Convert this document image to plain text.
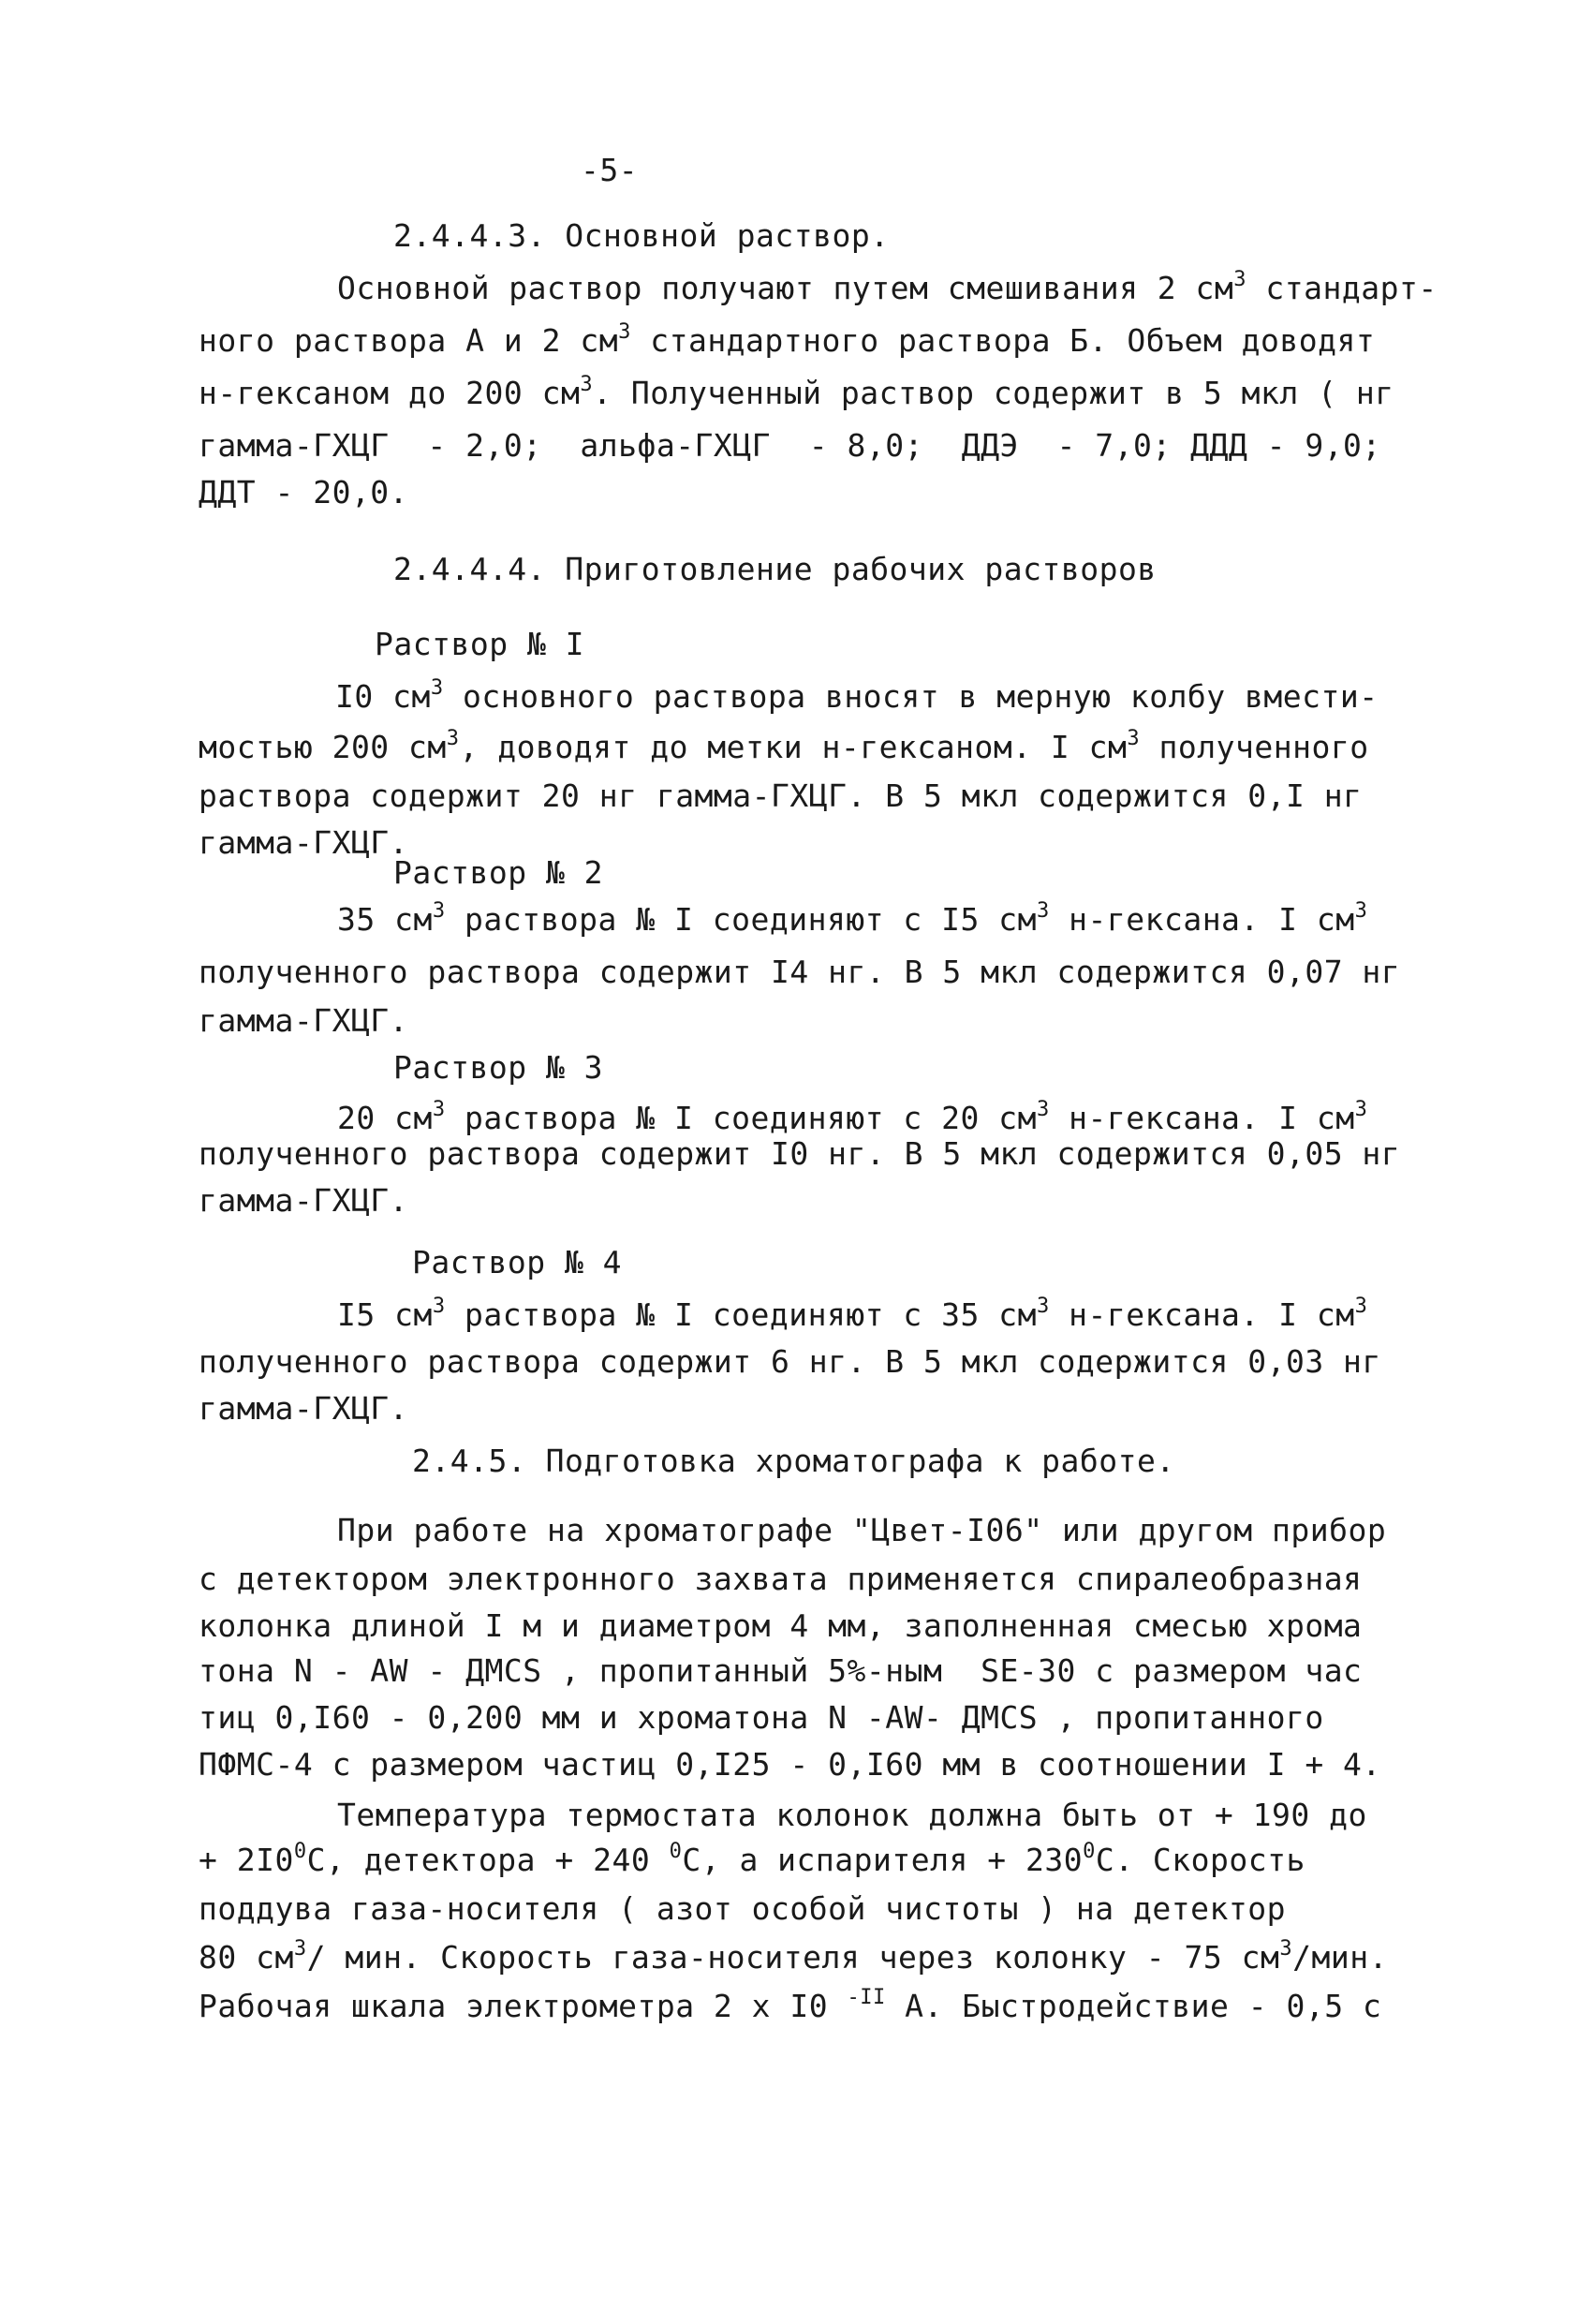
-5-
2.4.4.3. Основной раствор.
Основной раствор получают путем смешивания 2 $см^3$ стандарт-
ного раствора А и 2 $см^3$ стандартного раствора Б. Объем доводят
н-гексаном до 200 $см^3$. Полученный раствор содержит в 5 мкл ( нг
гамма-ГХЦГ  - 2,0;  альфа-ГХЦГ  - 8,0;  ДДЭ  - 7,0; ДДД - 9,0;
ДДТ - 20,0.
2.4.4.4. Приготовление рабочих растворов
Раствор № I
I0 $см^3$ основного раствора вносят в мерную колбу вмести-
мостью 200 $см^3$, доводят до метки н-гексаном. I $см^3$ полученного
раствора содержит 20 нг гамма-ГХЦГ. В 5 мкл содержится 0,I нг
гамма-ГХЦГ.
Раствор № 2
35 $см^3$ раствора № I соединяют с I5 $см^3$ н-гексана. I $см^3$
полученного раствора содержит I4 нг. В 5 мкл содержится 0,07 нг
гамма-ГХЦГ.
Раствор № 3
20 $см^3$ раствора № I соединяют с 20 $см^3$ н-гексана. I $см^3$
полученного раствора содержит I0 нг. В 5 мкл содержится 0,05 нг
гамма-ГХЦГ.
Раствор № 4
I5 $см^3$ раствора № I соединяют с 35 $см^3$ н-гексана. I $см^3$
полученного раствора содержит 6 нг. В 5 мкл содержится 0,03 нг
гамма-ГХЦГ.
2.4.5. Подготовка хроматографа к работе.
При работе на хроматографе "Цвет-I06" или другом прибор
с детектором электронного захвата применяется спиралеобразная
колонка длиной I м и диаметром 4 мм, заполненная смесью хрома
тона N - AW - ДМСS , пропитанный 5%-ным  SE-30 с размером час
тиц 0,I60 - 0,200 мм и хроматона N -AW- ДМСS , пропитанного
ПФМС-4 с размером частиц 0,I25 - 0,I60 мм в соотношении I + 4.
Температура термостата колонок должна быть от + 190 до
+ $2I0^0С$, детектора + 240 $^0$С, а испарителя + $230^0С$. Скорость
поддува газа-носителя ( азот особой чистоты ) на детектор
80 $см^3/$ мин. Скорость газа-носителя через колонку - 75 $см^3$/мин.
Рабочая шкала электрометра 2 x I0 $^{-II}$ A. Быстродействие - 0,5 с
